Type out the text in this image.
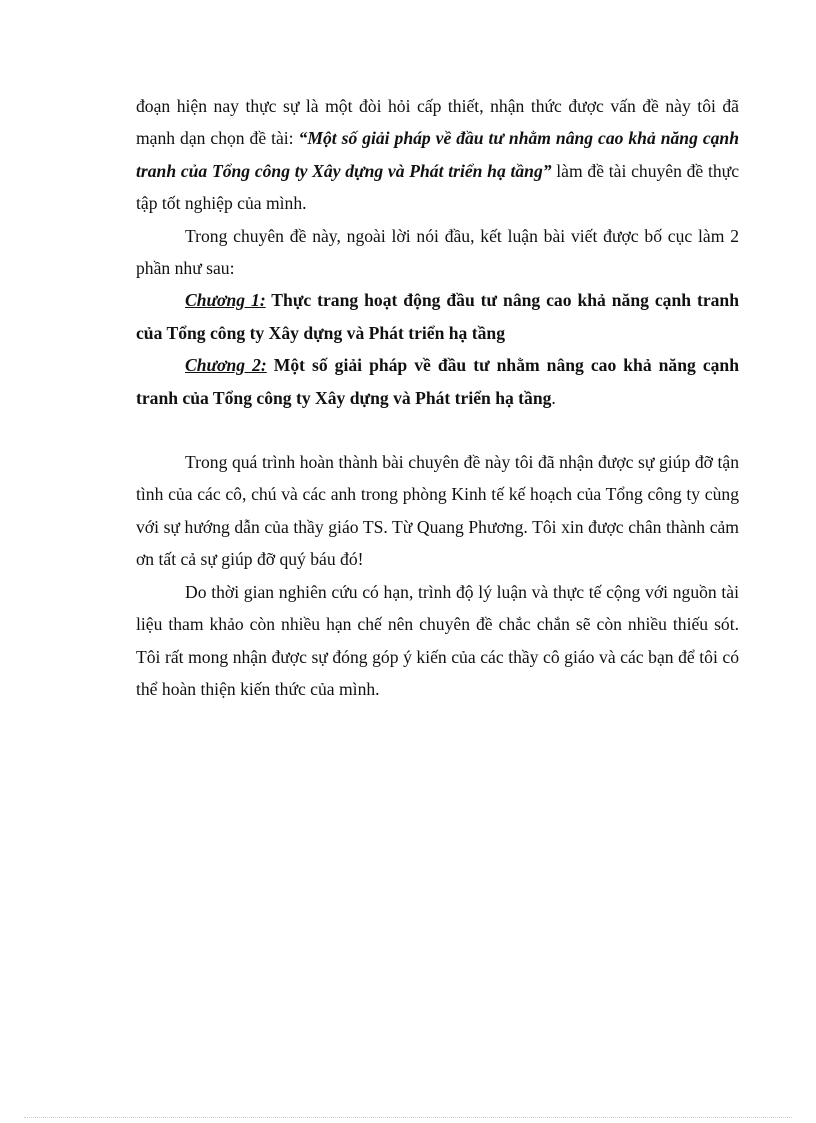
đoạn hiện nay thực sự là một đòi hỏi cấp thiết, nhận thức được vấn đề này tôi đã mạnh dạn chọn đề tài: “Một số giải pháp về đầu tư nhằm nâng cao khả năng cạnh tranh của Tổng công ty Xây dựng và Phát triển hạ tầng” làm đề tài chuyên đề thực tập tốt nghiệp của mình.

Trong chuyên đề này, ngoài lời nói đầu, kết luận bài viết được bố cục làm 2 phần như sau:

Chương 1: Thực trang hoạt động đầu tư nâng cao khả năng cạnh tranh của Tổng công ty Xây dựng và Phát triển hạ tầng

Chương 2: Một số giải pháp về đầu tư nhằm nâng cao khả năng cạnh tranh của Tổng công ty Xây dựng và Phát triển hạ tầng.

Trong quá trình hoàn thành bài chuyên đề này tôi đã nhận được sự giúp đỡ tận tình của các cô, chú và các anh trong phòng Kinh tế kế hoạch của Tổng công ty cùng với sự hướng dẫn của thầy giáo TS. Từ Quang Phương. Tôi xin được chân thành cảm ơn tất cả sự giúp đỡ quý báu đó!

Do thời gian nghiên cứu có hạn, trình độ lý luận và thực tế cộng với nguồn tài liệu tham khảo còn nhiều hạn chế nên chuyên đề chắc chắn sẽ còn nhiều thiếu sót. Tôi rất mong nhận được sự đóng góp ý kiến của các thầy cô giáo và các bạn để tôi có thể hoàn thiện kiến thức của mình.
